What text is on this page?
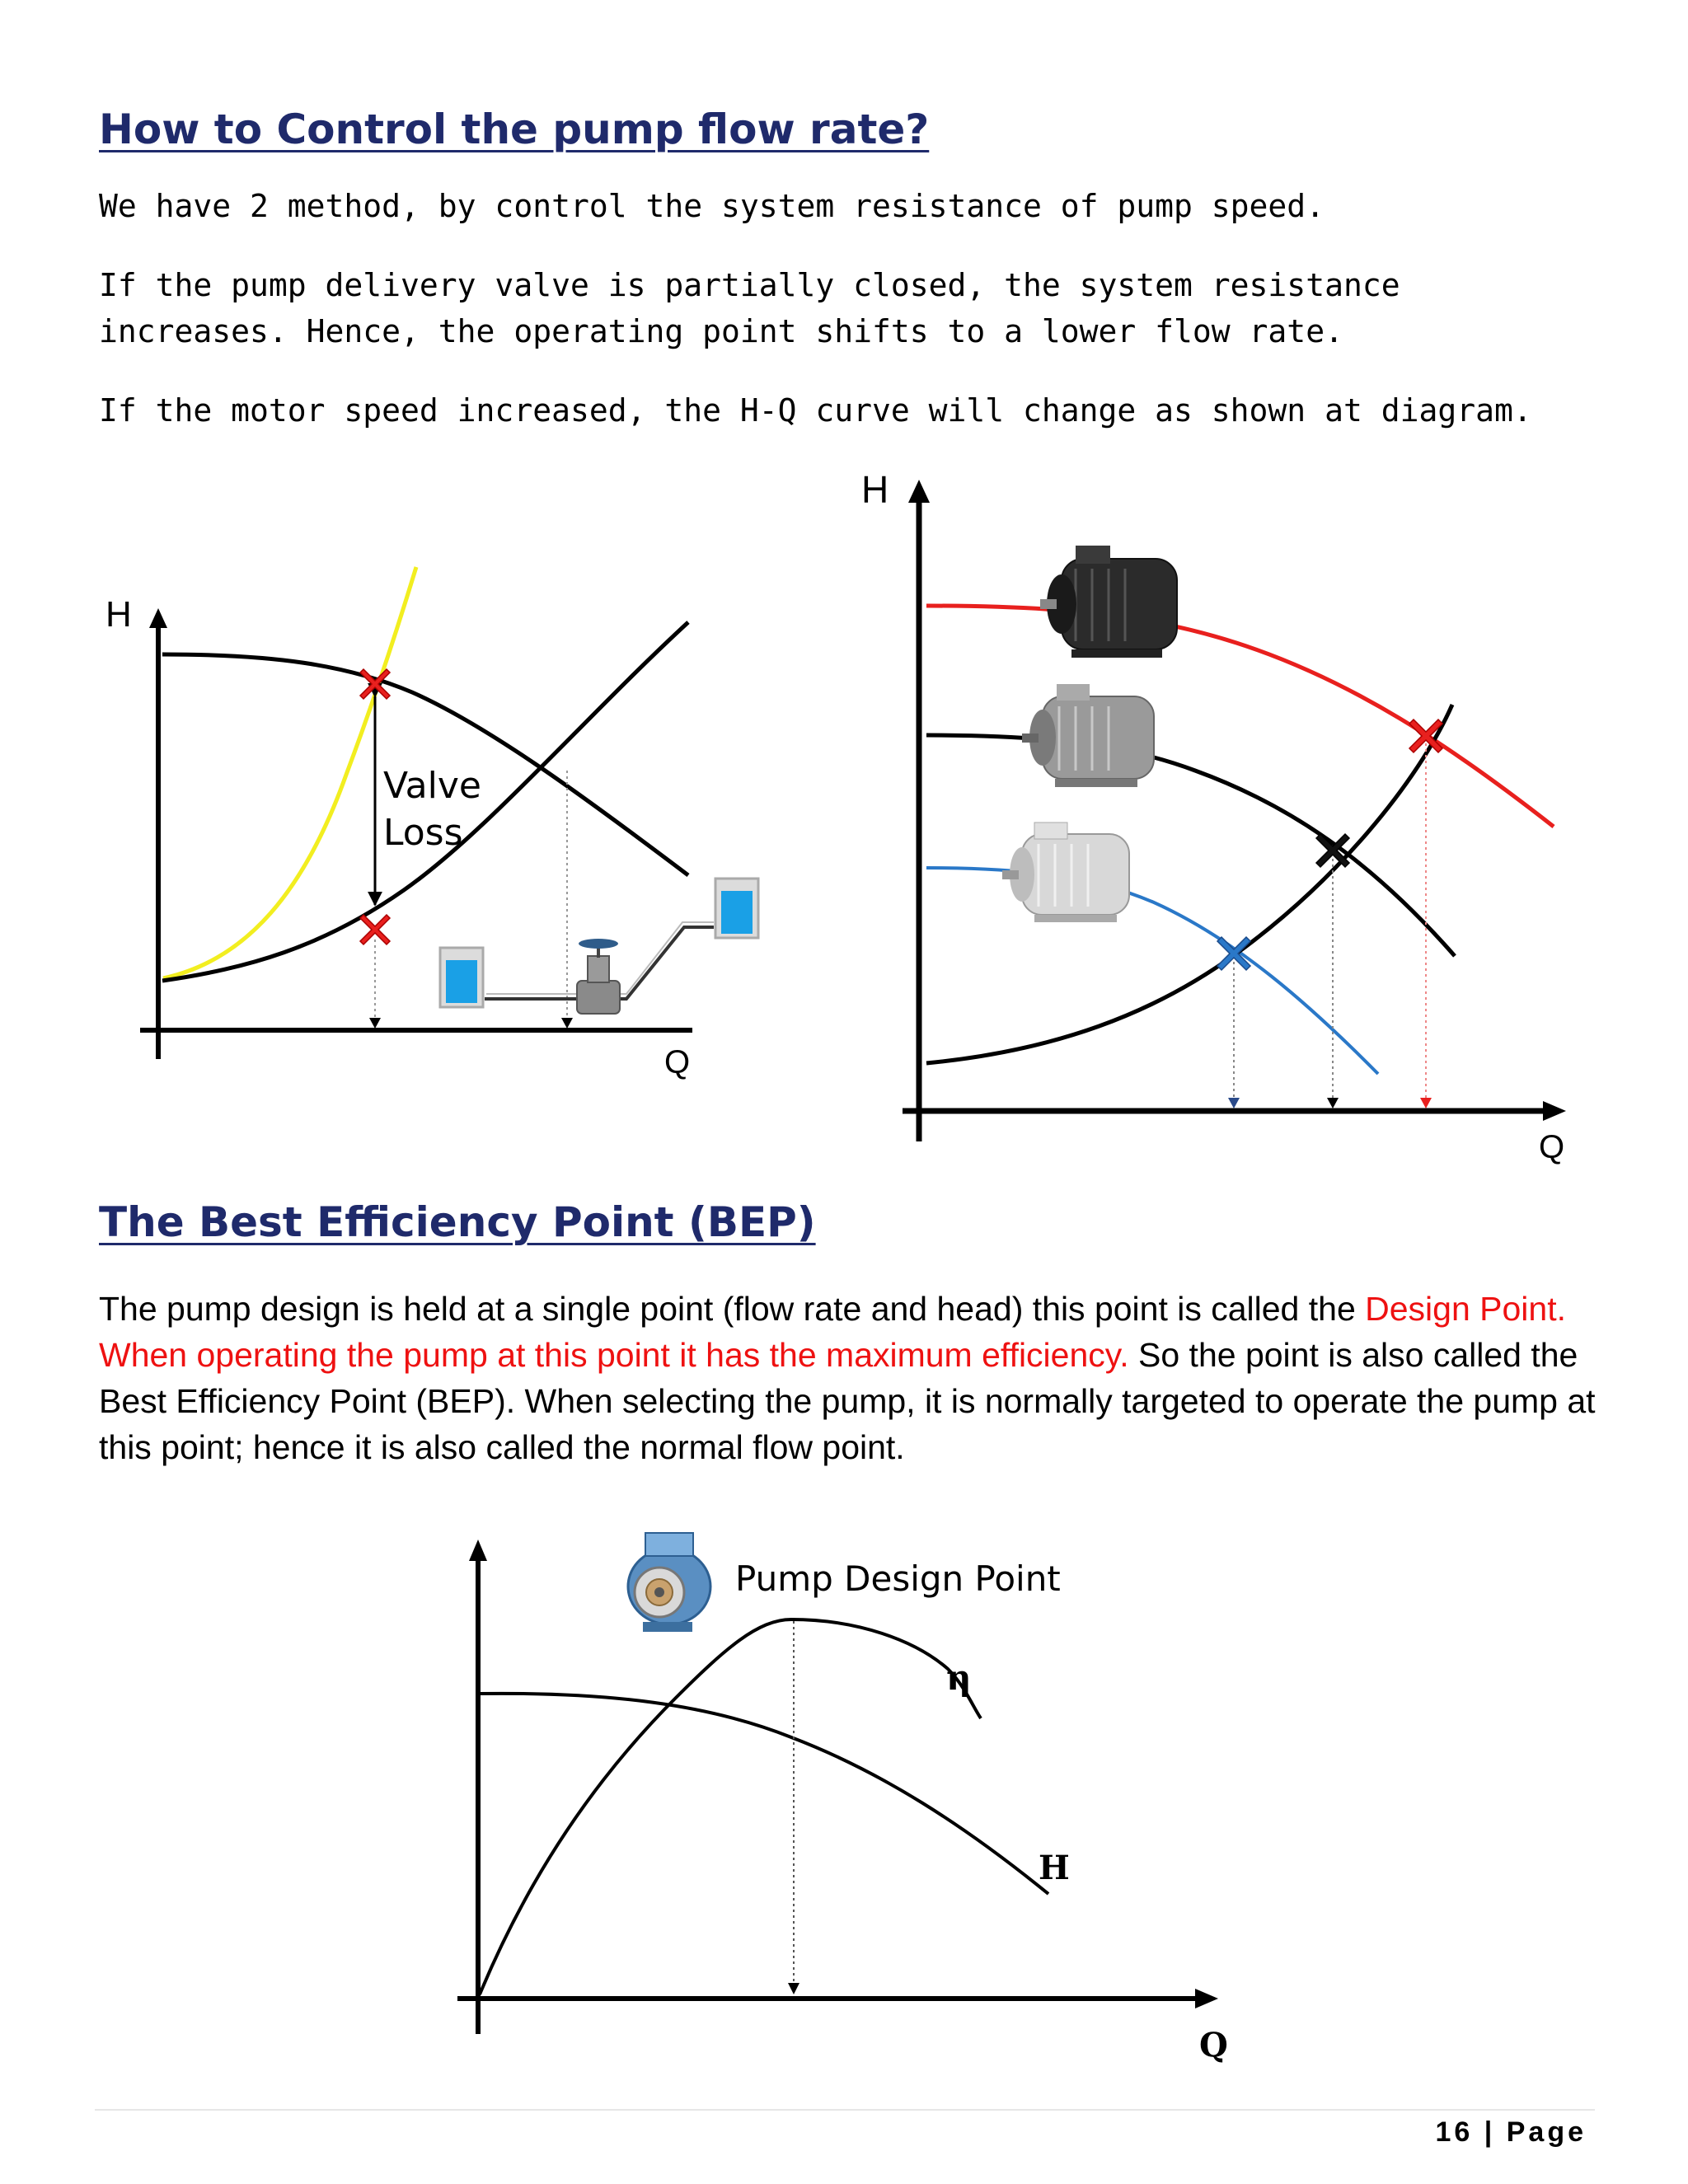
How to Control the pump flow rate?

We have 2 method, by control the system resistance of pump speed.

If the pump delivery valve is partially closed, the system resistance increases. Hence, the operating point shifts to a lower flow rate.

If the motor speed increased, the H-Q curve will change as shown at diagram.

H
Q
Valve
Loss
H
Q
Pump Design Point
η
H
Q
The Best Efficiency Point (BEP)

The pump design is held at a single point (flow rate and head) this point is called the Design Point. When operating the pump at this point it has the maximum efficiency. So the point is also called the Best Efficiency Point (BEP). When selecting the pump, it is normally targeted to operate the pump at this point; hence it is also called the normal flow point.

16 | Page
